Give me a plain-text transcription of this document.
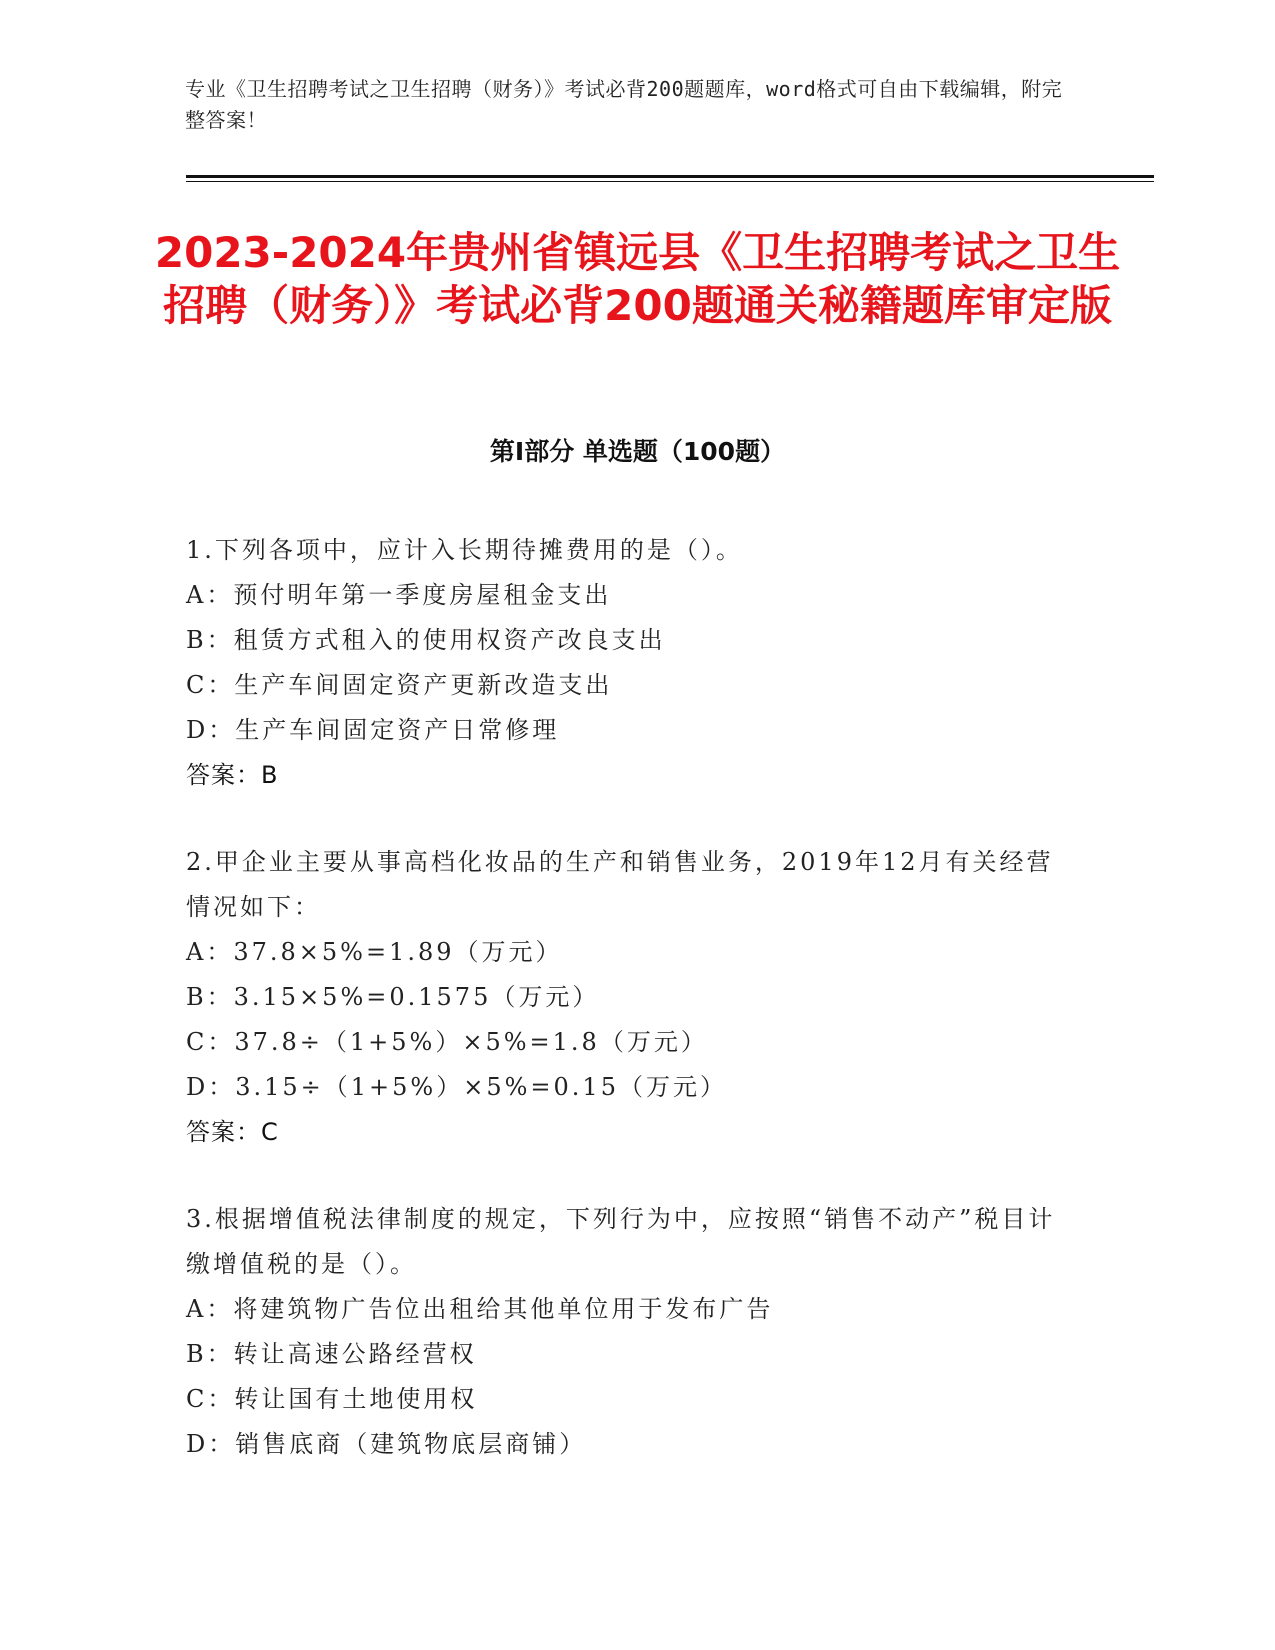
专业《卫生招聘考试之卫生招聘（财务）》考试必背200题题库，word格式可自由下载编辑，附完整答案！
2023-2024年贵州省镇远县《卫生招聘考试之卫生招聘（财务）》考试必背200题通关秘籍题库审定版
第Ⅰ部分 单选题（100题）
1.下列各项中，应计入长期待摊费用的是（）。
A：预付明年第一季度房屋租金支出
B：租赁方式租入的使用权资产改良支出
C：生产车间固定资产更新改造支出
D：生产车间固定资产日常修理
答案：B
2.甲企业主要从事高档化妆品的生产和销售业务，2019年12月有关经营情况如下：
A：37.8×5%=1.89（万元）
B：3.15×5%=0.1575（万元）
C：37.8÷（1+5%）×5%=1.8（万元）
D：3.15÷（1+5%）×5%=0.15（万元）
答案：C
3.根据增值税法律制度的规定，下列行为中，应按照“销售不动产”税目计缴增值税的是（）。
A：将建筑物广告位出租给其他单位用于发布广告
B：转让高速公路经营权
C：转让国有土地使用权
D：销售底商（建筑物底层商铺）
